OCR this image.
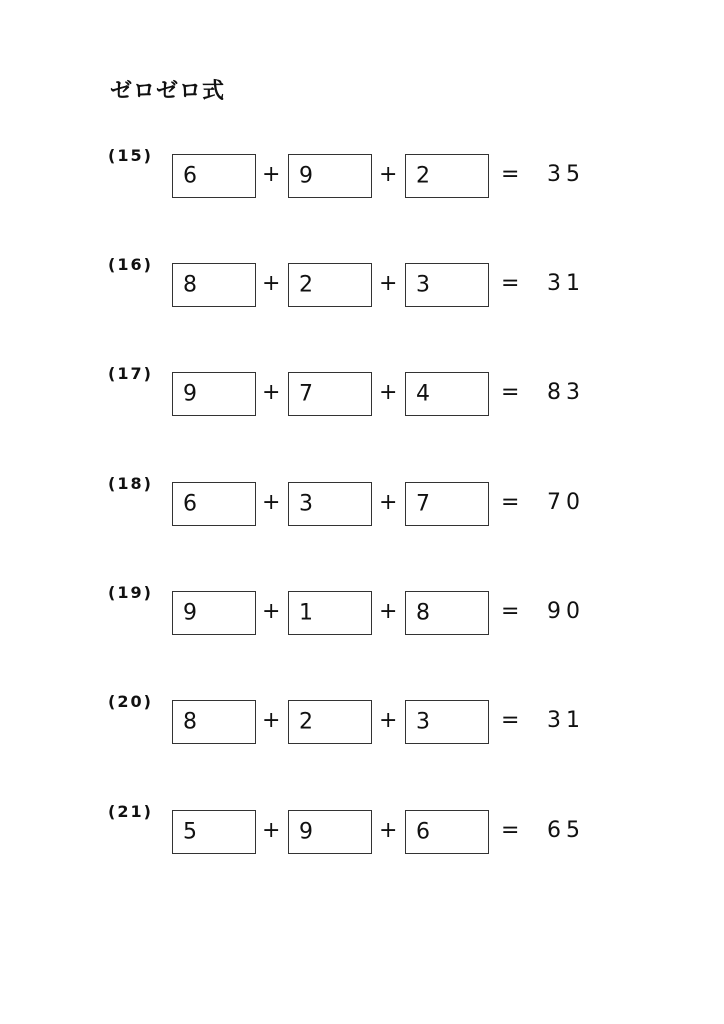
ゼロゼロ式
(15)
6	+ 9	+ 2	= 35
(16)
8	+ 2	+ 3	= 31
(17)
9	+ 7	+ 4	= 83
(18)
6	+ 3	+ 7	= 70
(19)
9	+ 1	+ 8	= 90
(20)
8	+ 2	+ 3	= 31
(21)
5	+ 9	+ 6	= 65
